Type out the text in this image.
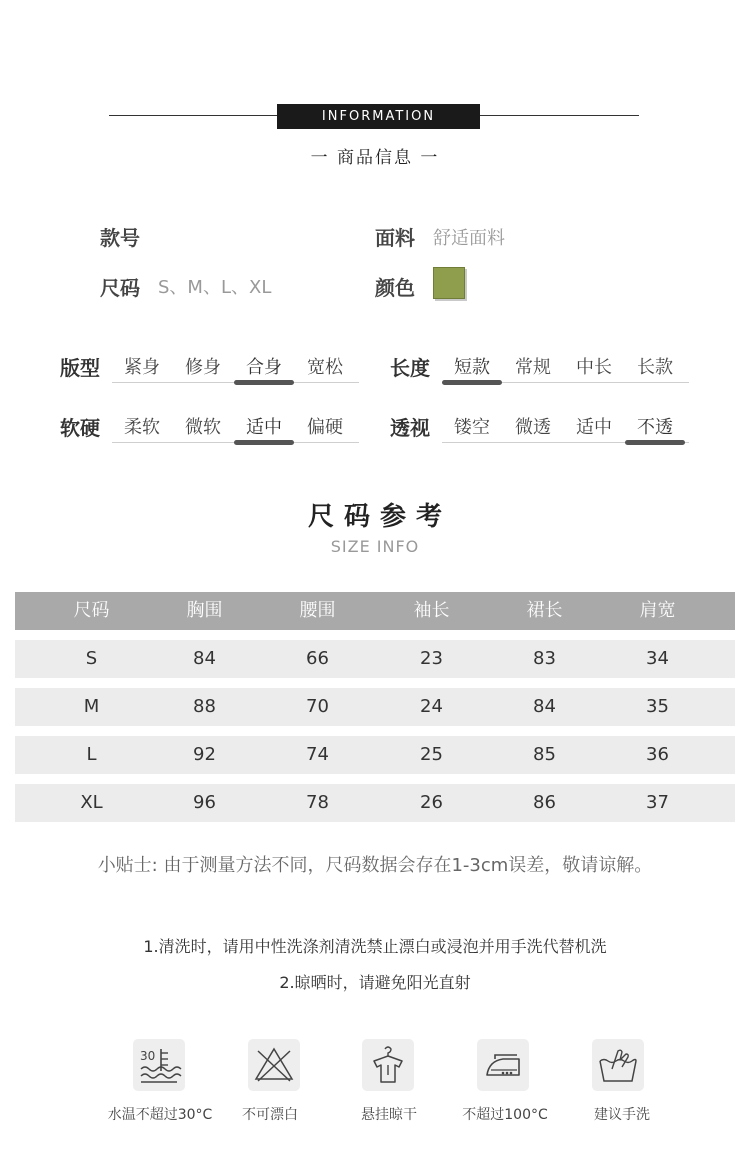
INFORMATION
一 商品信息 一
款号	面料 舒适面料
尺码 S、M、L、XL	颜色
版型	紧身	修身	合身	宽松	长度	短款	常规	中长	长款
软硬	柔软	微软	适中	偏硬	透视	镂空	微透	适中	不透
尺码参考
SIZE INFO
尺码	胸围	腰围	袖长	裙长	肩宽
S	84	66	23	83	34
M	88	70	24	84	35
L	92	74	25	85	36
XL	96	78	26	86	37
小贴士: 由于测量方法不同，尺码数据会存在1-3cm误差，敬请谅解。
1.清洗时，请用中性洗涤剂清洗禁止漂白或浸泡并用手洗代替机洗
2.晾晒时，请避免阳光直射
30
水温不超过30°C	不可漂白	悬挂晾干	不超过100°C	建议手洗
